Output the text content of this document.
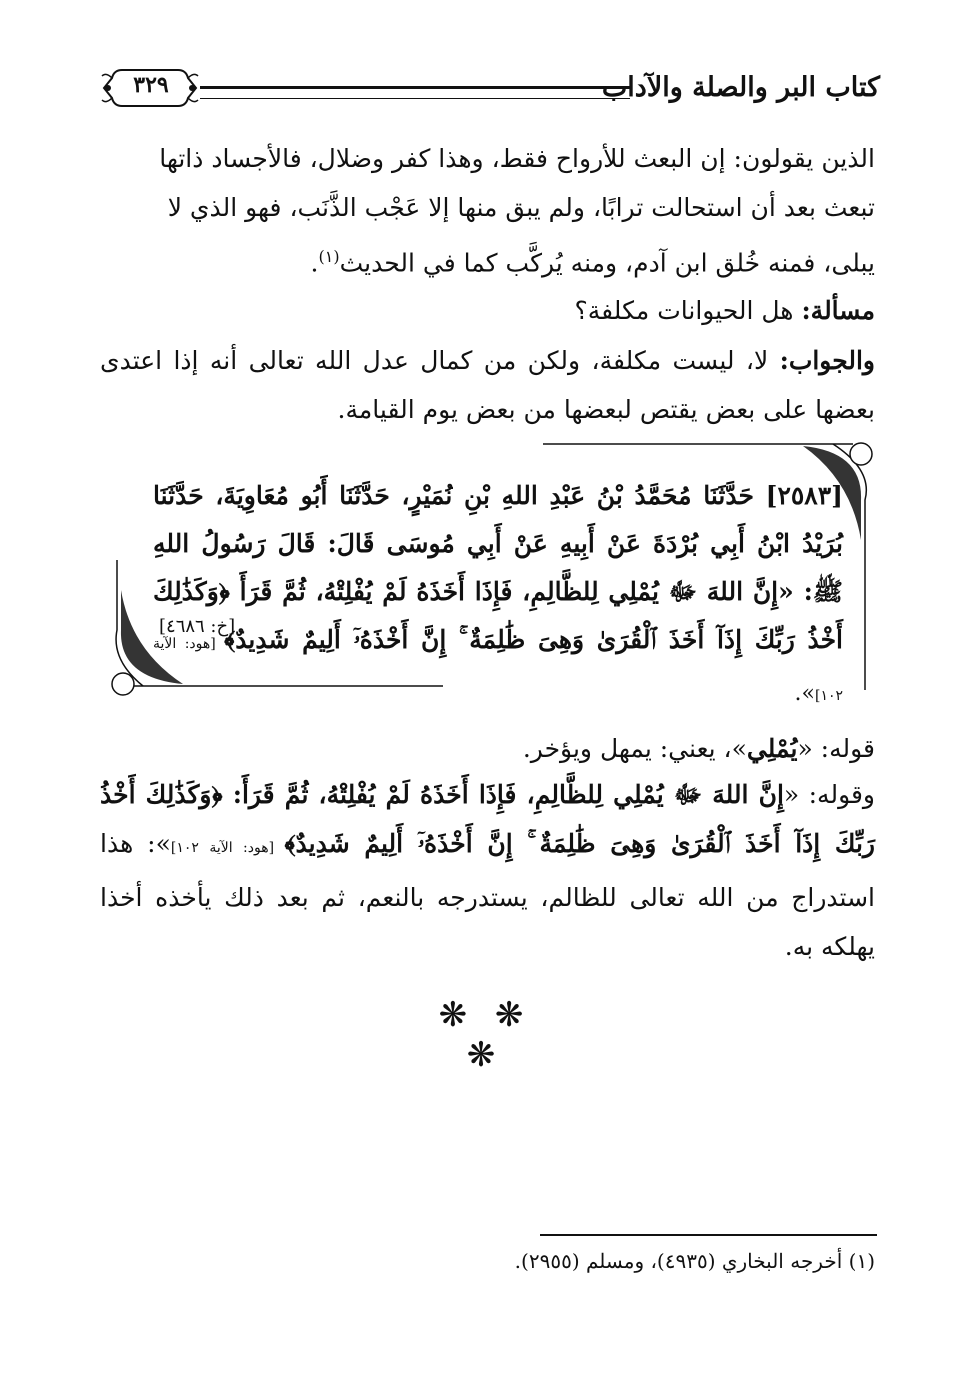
كتاب البر والصلة والآداب
٣٢٩
الذين يقولون: إن البعث للأرواح فقط، وهذا كفر وضلال، فالأجساد ذاتها
تبعث بعد أن استحالت ترابًا، ولم يبق منها إلا عَجْب الذَّنَب، فهو الذي لا
يبلى، فمنه خُلق ابن آدم، ومنه يُركَّب كما في الحديث$^{(١)}$.
مسألة: هل الحيوانات مكلفة؟
والجواب: لا، ليست مكلفة، ولكن من كمال عدل الله تعالى أنه إذا اعتدى بعضها على بعض يقتص لبعضها من بعض يوم القيامة.
[٢٥٨٣] حَدَّثَنَا مُحَمَّدُ بْنُ عَبْدِ اللهِ بْنِ نُمَيْرٍ، حَدَّثَنَا أَبُو مُعَاوِيَةَ، حَدَّثَنَا بُرَيْدُ ابْنُ أَبِي بُرْدَةَ عَنْ أَبِيهِ عَنْ أَبِي مُوسَى قَالَ: قَالَ رَسُولُ اللهِ ﷺ: «إِنَّ اللهَ ﷻ يُمْلِي لِلظَّالِمِ، فَإِذَا أَخَذَهُ لَمْ يُفْلِتْهُ، ثُمَّ قَرَأَ ﴿وَكَذَٰلِكَ أَخْذُ رَبِّكَ إِذَآ أَخَذَ ٱلْقُرَىٰ وَهِىَ ظَٰلِمَةٌ ۚ إِنَّ أَخْذَهُۥٓ أَلِيمٌ شَدِيدٌ﴾ [هود: الآية ١٠٢]».
[خ: ٤٦٨٦]
قوله: «يُمْلِي»، يعني: يمهل ويؤخر.
وقوله: «إِنَّ اللهَ ﷻ يُمْلِي لِلظَّالِمِ، فَإِذَا أَخَذَهُ لَمْ يُفْلِتْهُ، ثُمَّ قَرَأَ: ﴿وَكَذَٰلِكَ أَخْذُ رَبِّكَ إِذَآ أَخَذَ ٱلْقُرَىٰ وَهِىَ ظَٰلِمَةٌ ۚ إِنَّ أَخْذَهُۥٓ أَلِيمٌ شَدِيدٌ﴾ [هود: الآية ١٠٢]»: هذا استدراج من الله تعالى للظالم، يستدرجه بالنعم، ثم بعد ذلك يأخذه أخذا يهلكه به.
❋ ❋ ❋
(١) أخرجه البخاري (٤٩٣٥)، ومسلم (٢٩٥٥).
